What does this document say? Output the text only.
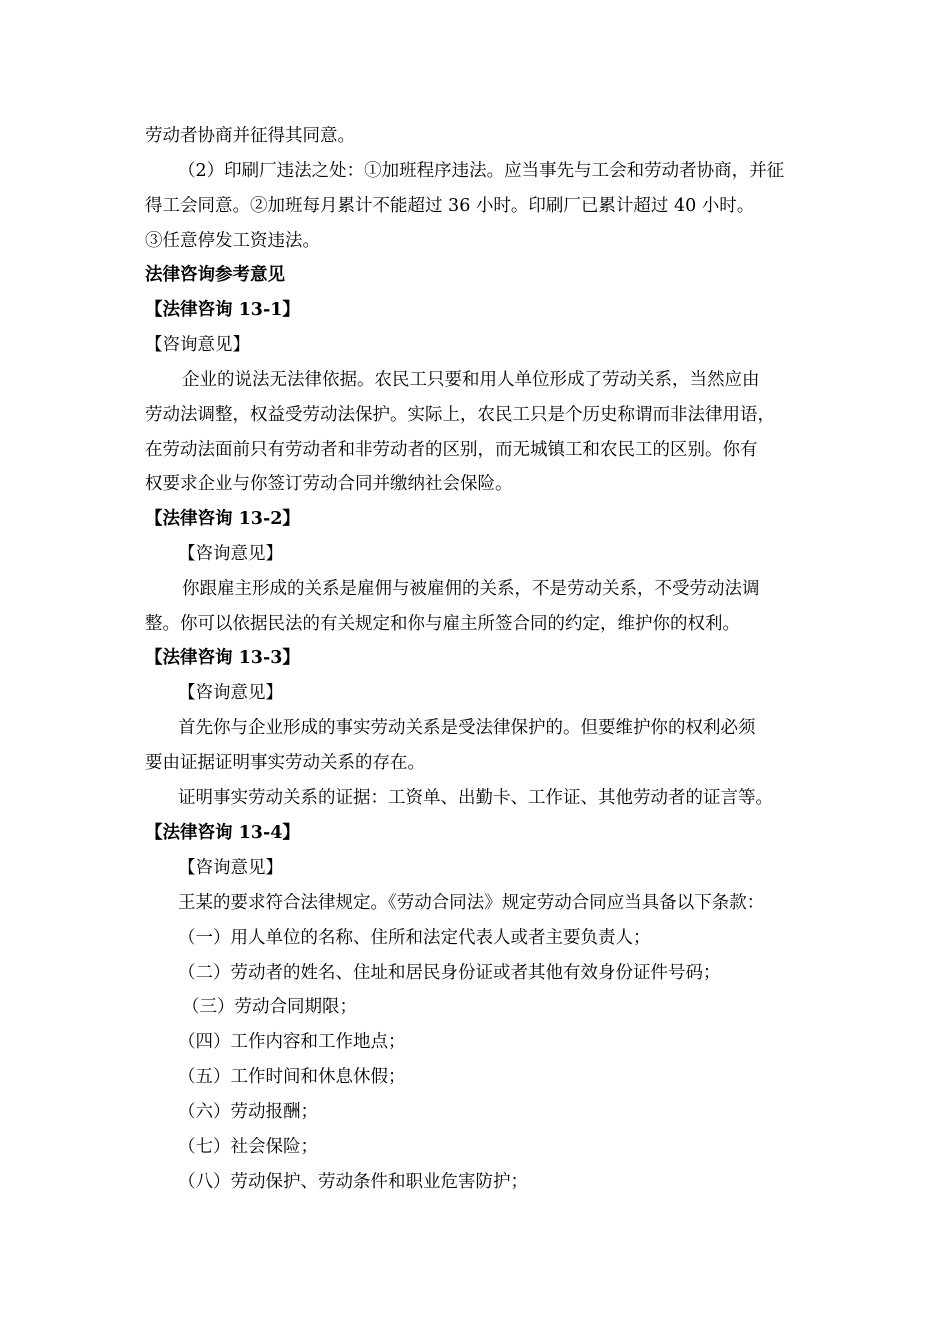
劳动者协商并征得其同意。
（2）印刷厂违法之处：①加班程序违法。应当事先与工会和劳动者协商，并征
得工会同意。②加班每月累计不能超过 36 小时。印刷厂已累计超过 40 小时。
③任意停发工资违法。
法律咨询参考意见
【法律咨询 13-1】
【咨询意见】
企业的说法无法律依据。农民工只要和用人单位形成了劳动关系，当然应由
劳动法调整，权益受劳动法保护。实际上，农民工只是个历史称谓而非法律用语，
在劳动法面前只有劳动者和非劳动者的区别，而无城镇工和农民工的区别。你有
权要求企业与你签订劳动合同并缴纳社会保险。
【法律咨询 13-2】
【咨询意见】
你跟雇主形成的关系是雇佣与被雇佣的关系，不是劳动关系，不受劳动法调
整。你可以依据民法的有关规定和你与雇主所签合同的约定，维护你的权利。
【法律咨询 13-3】
【咨询意见】
首先你与企业形成的事实劳动关系是受法律保护的。但要维护你的权利必须
要由证据证明事实劳动关系的存在。
证明事实劳动关系的证据：工资单、出勤卡、工作证、其他劳动者的证言等。
【法律咨询 13-4】
【咨询意见】
王某的要求符合法律规定。《劳动合同法》规定劳动合同应当具备以下条款：
（一）用人单位的名称、住所和法定代表人或者主要负责人；
（二）劳动者的姓名、住址和居民身份证或者其他有效身份证件号码；
（三）劳动合同期限；
（四）工作内容和工作地点；
（五）工作时间和休息休假；
（六）劳动报酬；
（七）社会保险；
（八）劳动保护、劳动条件和职业危害防护；
